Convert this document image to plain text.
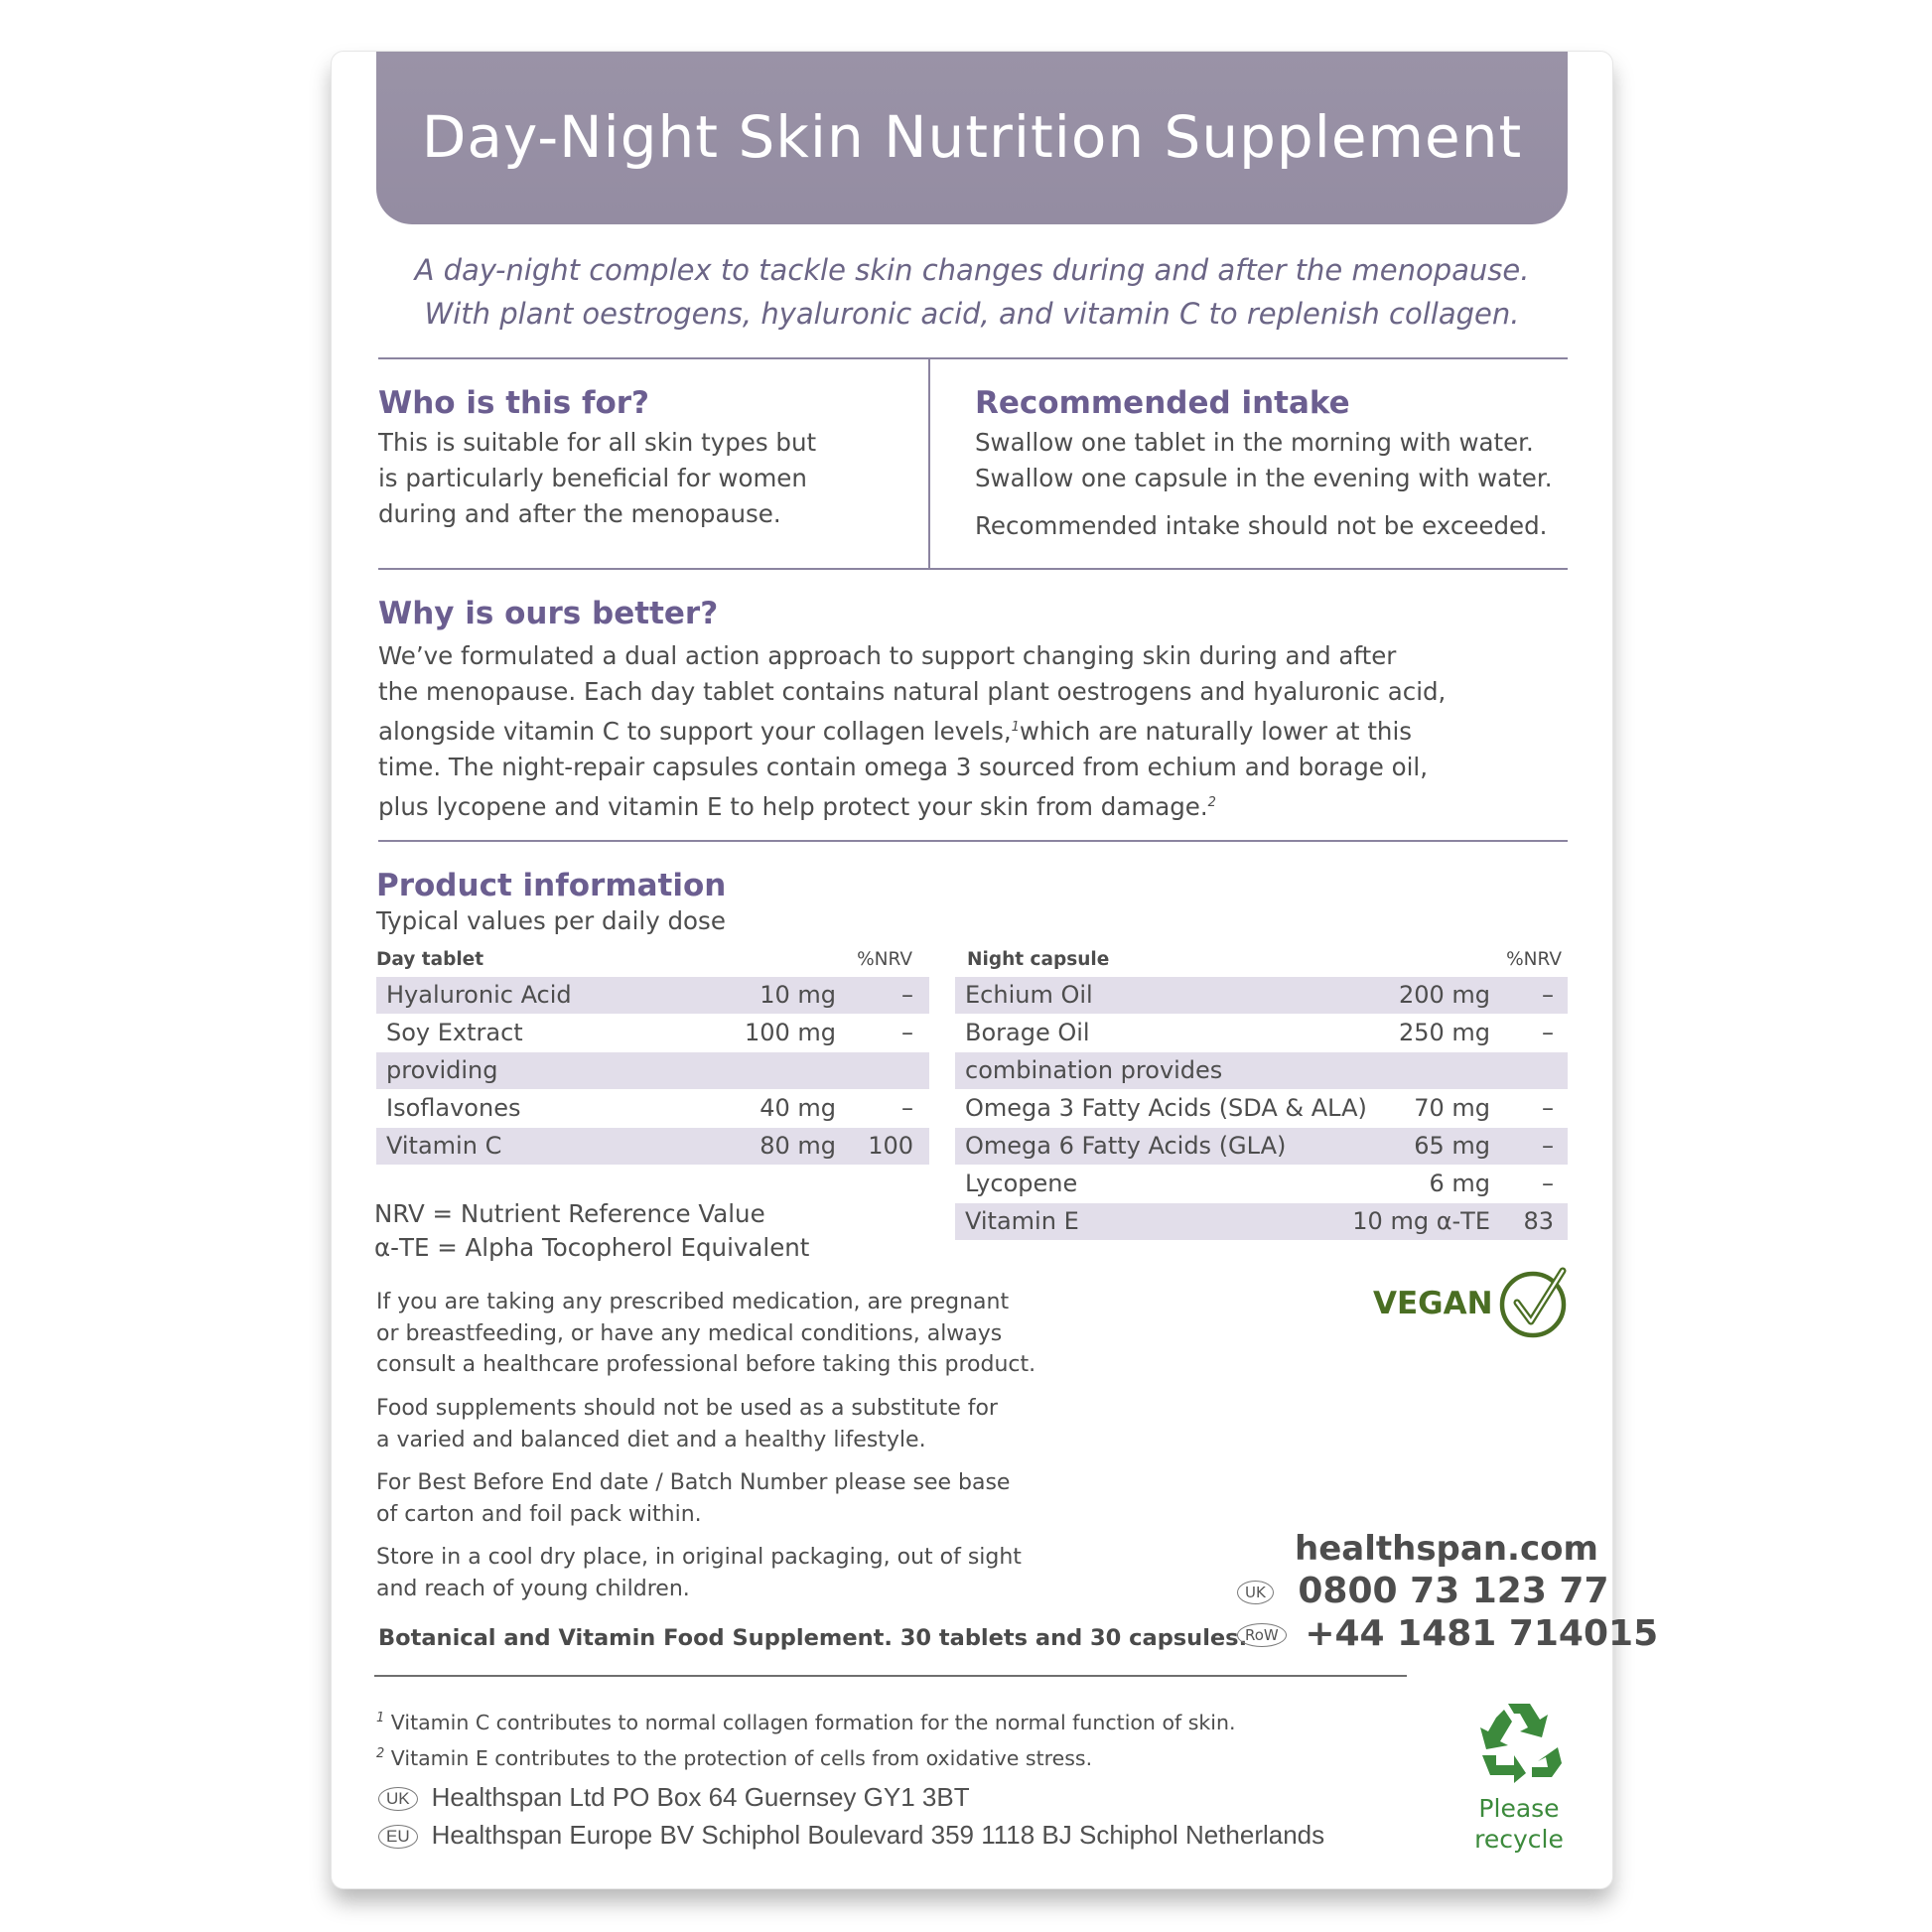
Day-Night Skin Nutrition Supplement
A day-night complex to tackle skin changes during and after the menopause.
With plant oestrogens, hyaluronic acid, and vitamin C to replenish collagen.
Who is this for?
This is suitable for all skin types but
is particularly beneficial for women
during and after the menopause.
Recommended intake
Swallow one tablet in the morning with water.
Swallow one capsule in the evening with water.
Recommended intake should not be exceeded.
Why is ours better?
We’ve formulated a dual action approach to support changing skin during and after
the menopause. Each day tablet contains natural plant oestrogens and hyaluronic acid,
alongside vitamin C to support your collagen levels,$^1$which are naturally lower at this
time. The night-repair capsules contain omega 3 sourced from echium and borage oil,
plus lycopene and vitamin E to help protect your skin from damage.$^2$
Product information
Typical values per daily dose
Day tablet	%NRV
Hyaluronic Acid	10 mg	–
Soy Extract	100 mg	–
providing
Isoflavones	40 mg	–
Vitamin C	80 mg 100
Night capsule	%NRV
Echium Oil	200 mg –
Borage Oil	250 mg –
combination provides
Omega 3 Fatty Acids (SDA & ALA) 70 mg –
Omega 6 Fatty Acids (GLA)	65 mg –
Lycopene	6 mg –
Vitamin E	10 mg α-TE 83
NRV = Nutrient Reference Value
α-TE = Alpha Tocopherol Equivalent
If you are taking any prescribed medication, are pregnant
or breastfeeding, or have any medical conditions, always
consult a healthcare professional before taking this product.
Food supplements should not be used as a substitute for
a varied and balanced diet and a healthy lifestyle.
For Best Before End date / Batch Number please see base
of carton and foil pack within.
Store in a cool dry place, in original packaging, out of sight
and reach of young children.
Botanical and Vitamin Food Supplement. 30 tablets and 30 capsules.
VEGAN
healthspan.com
UK 0800 73 123 77
RoW +44 1481 714015
$^1$ Vitamin C contributes to normal collagen formation for the normal function of skin.
$^2$ Vitamin E contributes to the protection of cells from oxidative stress.
UK Healthspan Ltd PO Box 64 Guernsey GY1 3BT
EU Healthspan Europe BV Schiphol Boulevard 359 1118 BJ Schiphol Netherlands
Please
recycle
